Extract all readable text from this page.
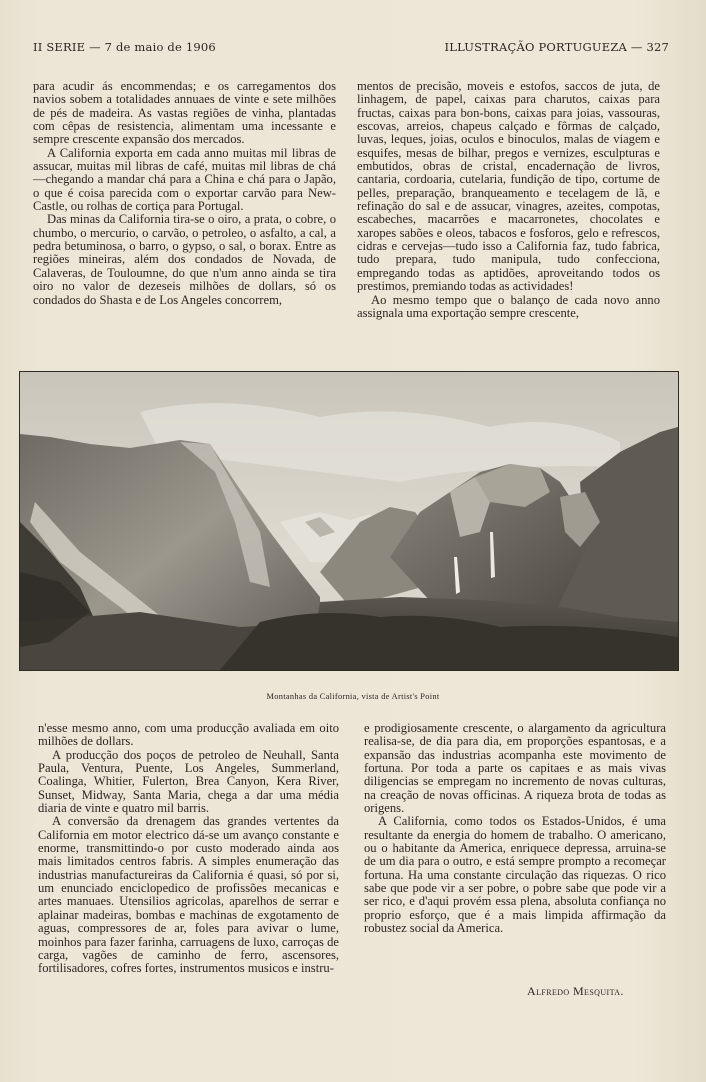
II SERIE — 7 de maio de 1906	ILLUSTRAÇÃO PORTUGUEZA — 327

para acudir ás encommendas; e os carregamentos dos navios sobem a totalidades annuaes de vinte e sete milhões de pés de madeira. As vastas regiões de vinha, plantadas com cêpas de resistencia, alimentam uma incessante e sempre crescente expansão dos mercados.

A California exporta em cada anno muitas mil libras de assucar, muitas mil libras de café, muitas mil libras de chá—chegando a mandar chá para a China e chá para o Japão, o que é coisa parecida com o exportar carvão para New-Castle, ou rolhas de cortiça para Portugal.

Das minas da California tira-se o oiro, a prata, o cobre, o chumbo, o mercurio, o carvão, o petroleo, o asfalto, a cal, a pedra betuminosa, o barro, o gypso, o sal, o borax. Entre as regiões mineiras, além dos condados de Novada, de Calaveras, de Touloumne, do que n'um anno ainda se tira oiro no valor de dezeseis milhões de dollars, só os condados do Shasta e de Los Angeles concorrem,

mentos de precisão, moveis e estofos, saccos de juta, de linhagem, de papel, caixas para charutos, caixas para fructas, caixas para bon-bons, caixas para joias, vassouras, escovas, arreios, chapeus calçado e fôrmas de calçado, luvas, leques, joias, oculos e binoculos, malas de viagem e esquifes, mesas de bilhar, pregos e vernizes, esculpturas e embutidos, obras de cristal, encadernação de livros, cantaria, cordoaria, cutelaria, fundição de tipo, cortume de pelles, preparação, branqueamento e tecelagem de lã, e refinação do sal e de assucar, vinagres, azeites, compotas, escabeches, macarrões e macarronetes, chocolates e xaropes sabões e oleos, tabacos e fosforos, gelo e refrescos, cidras e cervejas—tudo isso a California faz, tudo fabrica, tudo prepara, tudo manipula, tudo confecciona, empregando todas as aptidões, aproveitando todos os prestimos, premiando todas as actividades!

Ao mesmo tempo que o balanço de cada novo anno assignala uma exportação sempre crescente,

Montanhas da California, vista de Artist's Point

n'esse mesmo anno, com uma producção avaliada em oito milhões de dollars.

A producção dos poços de petroleo de Neuhall, Santa Paula, Ventura, Puente, Los Angeles, Summerland, Coalinga, Whitier, Fulerton, Brea Canyon, Kera River, Sunset, Midway, Santa Maria, chega a dar uma média diaria de vinte e quatro mil barris.

A conversão da drenagem das grandes vertentes da California em motor electrico dá-se um avanço constante e enorme, transmittindo-o por custo moderado ainda aos mais limitados centros fabris. A simples enumeração das industrias manufactureiras da California é quasi, só por si, um enunciado enciclopedico de profissões mecanicas e artes manuaes. Utensilios agricolas, aparelhos de serrar e aplainar madeiras, bombas e machinas de exgotamento de aguas, compressores de ar, foles para avivar o lume, moinhos para fazer farinha, carruagens de luxo, carroças de carga, vagões de caminho de ferro, ascensores, fortilisadores, cofres fortes, instrumentos musicos e instru-

e prodigiosamente crescente, o alargamento da agricultura realisa-se, de dia para dia, em proporções espantosas, e a expansão das industrias acompanha este movimento de fortuna. Por toda a parte os capitaes e as mais vivas diligencias se empregam no incremento de novas culturas, na creação de novas officinas. A riqueza brota de todas as origens.

A California, como todos os Estados-Unidos, é uma resultante da energia do homem de trabalho. O americano, ou o habitante da America, enriquece depressa, arruina-se de um dia para o outro, e está sempre prompto a recomeçar fortuna. Ha uma constante circulação das riquezas. O rico sabe que pode vir a ser pobre, o pobre sabe que pode vir a ser rico, e d'aqui provém essa plena, absoluta confiança no proprio esforço, que é a mais limpida affirmação da robustez social da America.

Alfredo Mesquita.
